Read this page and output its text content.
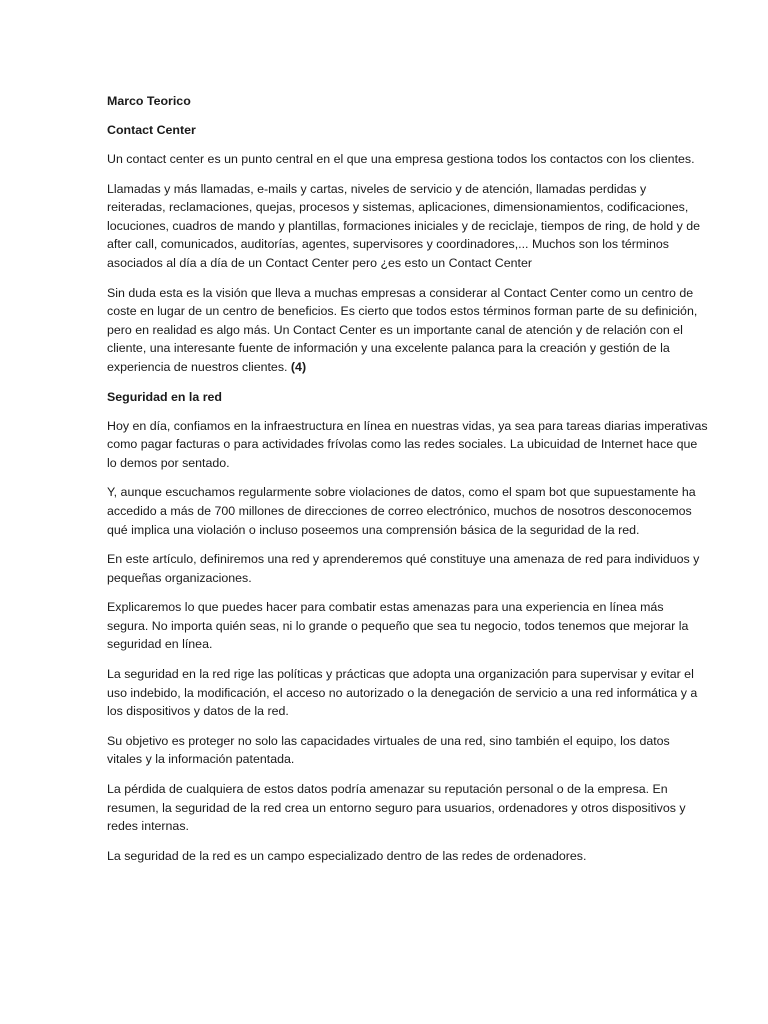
Marco Teorico
Contact Center

Un contact center es un punto central en el que una empresa gestiona todos los contactos con los clientes.

Llamadas y más llamadas, e-mails y cartas, niveles de servicio y de atención, llamadas perdidas y reiteradas, reclamaciones, quejas, procesos y sistemas, aplicaciones, dimensionamientos, codificaciones, locuciones, cuadros de mando y plantillas, formaciones iniciales y de reciclaje, tiempos de ring, de hold y de after call, comunicados, auditorías, agentes, supervisores y coordinadores,... Muchos son los términos asociados al día a día de un Contact Center pero ¿es esto un Contact Center

Sin duda esta es la visión que lleva a muchas empresas a considerar al Contact Center como un centro de coste en lugar de un centro de beneficios. Es cierto que todos estos términos forman parte de su definición, pero en realidad es algo más. Un Contact Center es un importante canal de atención y de relación con el cliente, una interesante fuente de información y una excelente palanca para la creación y gestión de la experiencia de nuestros clientes. (4)

Seguridad en la red

Hoy en día, confiamos en la infraestructura en línea en nuestras vidas, ya sea para tareas diarias imperativas como pagar facturas o para actividades frívolas como las redes sociales. La ubicuidad de Internet hace que lo demos por sentado.

Y, aunque escuchamos regularmente sobre violaciones de datos, como el spam bot que supuestamente ha accedido a más de 700 millones de direcciones de correo electrónico, muchos de nosotros desconocemos qué implica una violación o incluso poseemos una comprensión básica de la seguridad de la red.

En este artículo, definiremos una red y aprenderemos qué constituye una amenaza de red para individuos y pequeñas organizaciones.

Explicaremos lo que puedes hacer para combatir estas amenazas para una experiencia en línea más segura. No importa quién seas, ni lo grande o pequeño que sea tu negocio, todos tenemos que mejorar la seguridad en línea.

La seguridad en la red rige las políticas y prácticas que adopta una organización para supervisar y evitar el uso indebido, la modificación, el acceso no autorizado o la denegación de servicio a una red informática y a los dispositivos y datos de la red.

Su objetivo es proteger no solo las capacidades virtuales de una red, sino también el equipo, los datos vitales y la información patentada.

La pérdida de cualquiera de estos datos podría amenazar su reputación personal o de la empresa. En resumen, la seguridad de la red crea un entorno seguro para usuarios, ordenadores y otros dispositivos y redes internas.

La seguridad de la red es un campo especializado dentro de las redes de ordenadores.
